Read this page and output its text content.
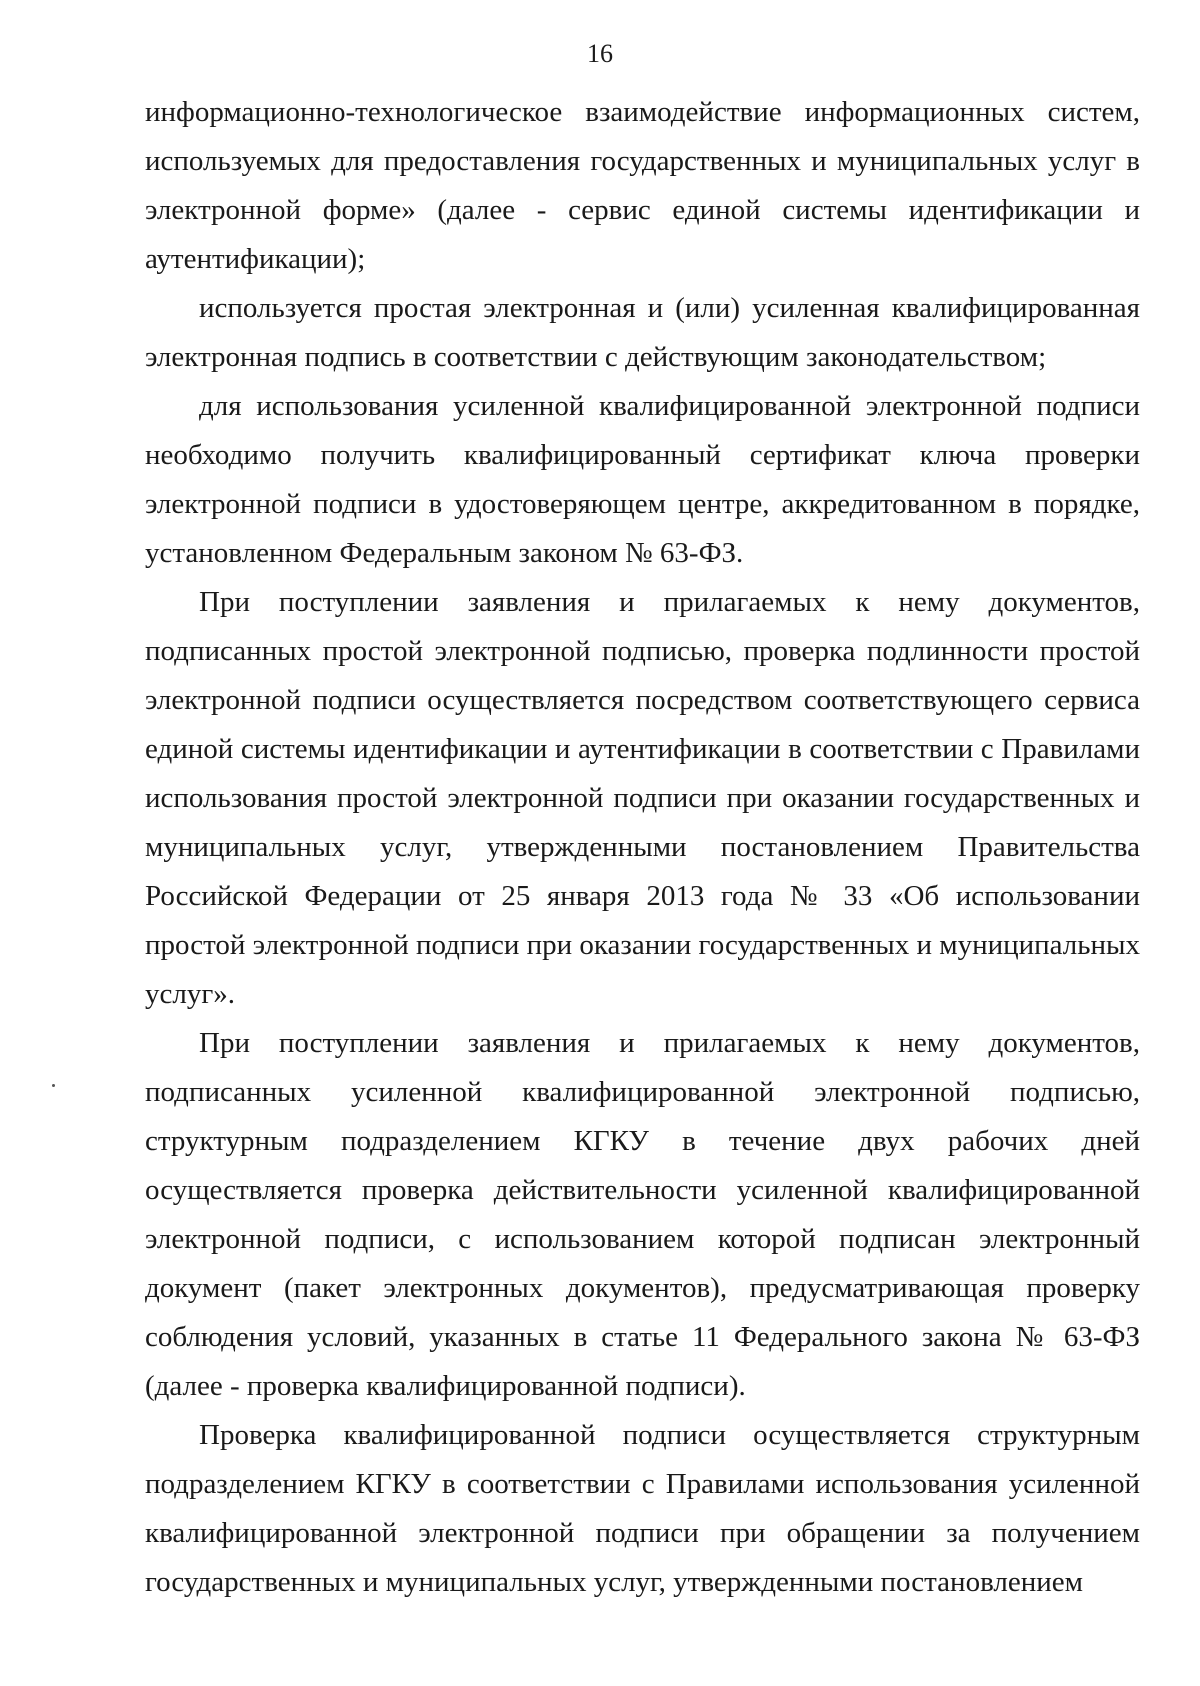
16

информационно-технологическое взаимодействие информационных систем, используемых для предоставления государственных и муниципальных услуг в электронной форме» (далее - сервис единой системы идентификации и аутентификации);

используется простая электронная и (или) усиленная квалифицированная электронная подпись в соответствии с действующим законодательством;

для использования усиленной квалифицированной электронной подписи необходимо получить квалифицированный сертификат ключа проверки электронной подписи в удостоверяющем центре, аккредитованном в порядке, установленном Федеральным законом № 63-ФЗ.

При поступлении заявления и прилагаемых к нему документов, подписанных простой электронной подписью, проверка подлинности простой электронной подписи осуществляется посредством соответствующего сервиса единой системы идентификации и аутентификации в соответствии с Правилами использования простой электронной подписи при оказании государственных и муниципальных услуг, утвержденными постановлением Правительства Российской Федерации от 25 января 2013 года № 33 «Об использовании простой электронной подписи при оказании государственных и муниципальных услуг».

При поступлении заявления и прилагаемых к нему документов, подписанных усиленной квалифицированной электронной подписью, структурным подразделением КГКУ в течение двух рабочих дней осуществляется проверка действительности усиленной квалифицированной электронной подписи, с использованием которой подписан электронный документ (пакет электронных документов), предусматривающая проверку соблюдения условий, указанных в статье 11 Федерального закона № 63-ФЗ (далее - проверка квалифицированной подписи).

Проверка квалифицированной подписи осуществляется структурным подразделением КГКУ в соответствии с Правилами использования усиленной квалифицированной электронной подписи при обращении за получением государственных и муниципальных услуг, утвержденными постановлением
